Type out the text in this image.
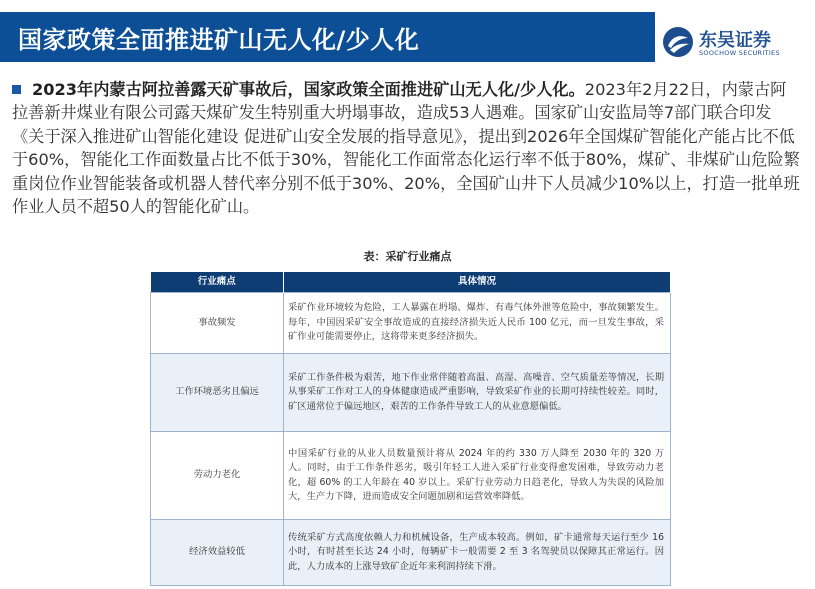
国家政策全面推进矿山无人化/少人化	东吴证券
SOOCHOW SECURITIES
2023年内蒙古阿拉善露天矿事故后，国家政策全面推进矿山无人化/少人化。2023年2月22日，内蒙古阿拉善新井煤业有限公司露天煤矿发生特别重大坍塌事故，造成53人遇难。国家矿山安监局等7部门联合印发《关于深入推进矿山智能化建设 促进矿山安全发展的指导意见》，提出到2026年全国煤矿智能化产能占比不低于60%，智能化工作面数量占比不低于30%，智能化工作面常态化运行率不低于80%，煤矿、非煤矿山危险繁重岗位作业智能装备或机器人替代率分别不低于30%、20%，全国矿山井下人员减少10%以上，打造一批单班作业人员不超50人的智能化矿山。
表：采矿行业痛点
行业痛点	具体情况
事故频发	采矿作业环境较为危险，工人暴露在坍塌、爆炸、有毒气体外泄等危险中，事故频繁发生。每年，中国因采矿安全事故造成的直接经济损失近人民币 100 亿元，而一旦发生事故，采矿作业可能需要停止，这将带来更多经济损失。
工作环境恶劣且偏远	采矿工作条件极为艰苦，地下作业常伴随着高温、高湿、高噪音、空气质量差等情况，长期从事采矿工作对工人的身体健康造成严重影响，导致采矿作业的长期可持续性较差。同时，矿区通常位于偏远地区，艰苦的工作条件导致工人的从业意愿偏低。
劳动力老化	中国采矿行业的从业人员数量预计将从 2024 年的约 330 万人降至 2030 年的 320 万人。同时，由于工作条件恶劣，吸引年轻工人进入采矿行业变得愈发困难，导致劳动力老化，超 60% 的工人年龄在 40 岁以上。采矿行业劳动力日趋老化，导致人为失误的风险加大，生产力下降，进而造成安全问题加剧和运营效率降低。
经济效益较低	传统采矿方式高度依赖人力和机械设备，生产成本较高。例如，矿卡通常每天运行至少 16 小时，有时甚至长达 24 小时，每辆矿卡一般需要 2 至 3 名驾驶员以保障其正常运行。因此，人力成本的上涨导致矿企近年来利润持续下滑。
